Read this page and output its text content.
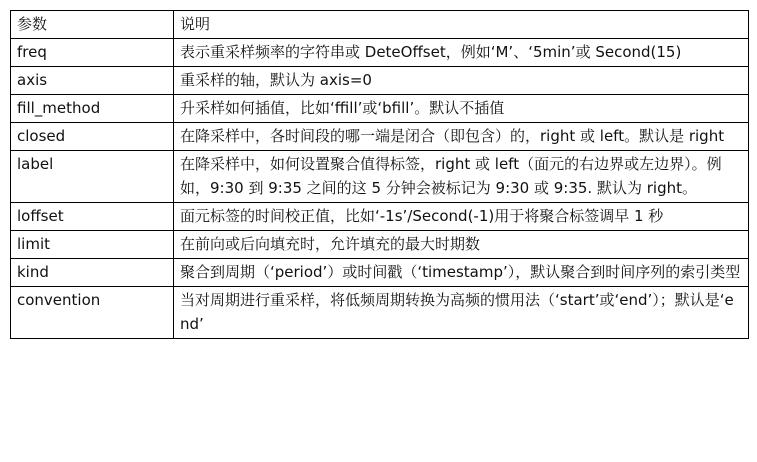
参数	说明
freq	表示重采样频率的字符串或 DeteOffset，例如‘M’、‘5min’或 Second(15)
axis	重采样的轴，默认为 axis=0
fill_method	升采样如何插值，比如‘ffill’或‘bfill’。默认不插值
closed	在降采样中，各时间段的哪一端是闭合（即包含）的，right 或 left。默认是 right
label	在降采样中，如何设置聚合值得标签，right 或 left（面元的右边界或左边界）。例如，9:30 到 9:35 之间的这 5 分钟会被标记为 9:30 或 9:35. 默认为 right。
loffset	面元标签的时间校正值，比如‘-1s’/Second(-1)用于将聚合标签调早 1 秒
limit	在前向或后向填充时，允许填充的最大时期数
kind	聚合到周期（‘period’）或时间戳（‘timestamp’），默认聚合到时间序列的索引类型
convention	当对周期进行重采样，将低频周期转换为高频的惯用法（‘start’或‘end’）；默认是‘end’
